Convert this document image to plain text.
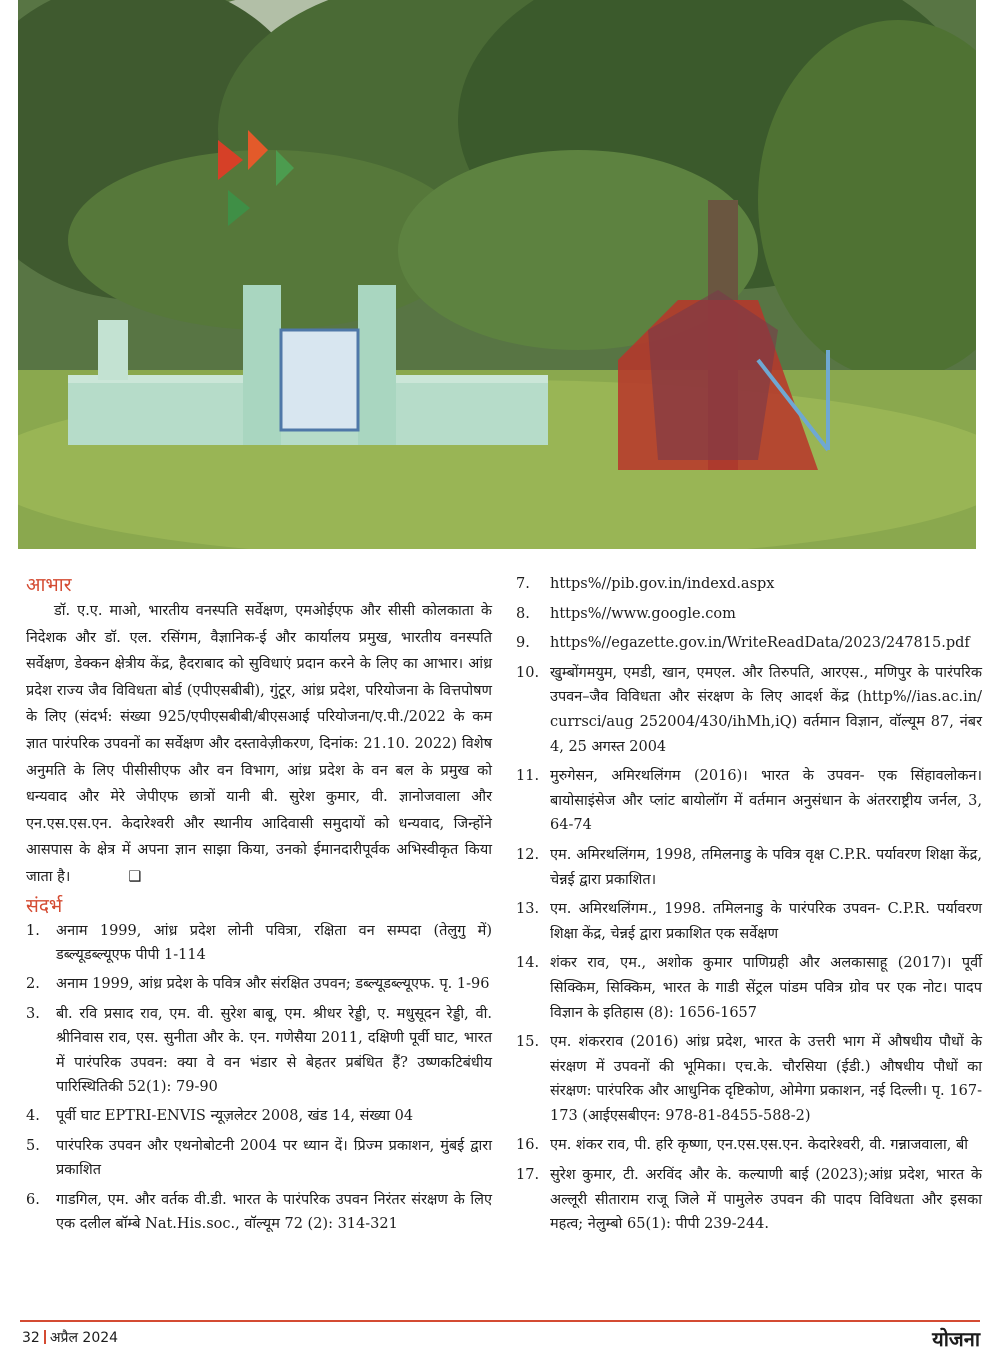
आभार

डॉ. ए.ए. माओ, भारतीय वनस्पति सर्वेक्षण, एमओईएफ और सीसी कोलकाता के निदेशक और डॉ. एल. रसिंगम, वैज्ञानिक-ई और कार्यालय प्रमुख, भारतीय वनस्पति सर्वेक्षण, डेक्कन क्षेत्रीय केंद्र, हैदराबाद को सुविधाएं प्रदान करने के लिए का आभार। आंध्र प्रदेश राज्य जैव विविधता बोर्ड (एपीएसबीबी), गुंटूर, आंध्र प्रदेश, परियोजना के वित्तपोषण के लिए (संदर्भ: संख्या 925/एपीएसबीबी/बीएसआई परियोजना/ए.पी./2022 के कम ज्ञात पारंपरिक उपवनों का सर्वेक्षण और दस्तावेज़ीकरण, दिनांक: 21.10. 2022) विशेष अनुमति के लिए पीसीसीएफ और वन विभाग, आंध्र प्रदेश के वन बल के प्रमुख को धन्यवाद और मेरे जेपीएफ छात्रों यानी बी. सुरेश कुमार, वी. ज्ञानोजवाला और एन.एस.एस.एन. केदारेश्वरी और स्थानीय आदिवासी समुदायों को धन्यवाद, जिन्होंने आसपास के क्षेत्र में अपना ज्ञान साझा किया, उनको ईमानदारीपूर्वक अभिस्वीकृत किया जाता है।	❑

संदर्भ
1. अनाम 1999, आंध्र प्रदेश लोनी पवित्रा, रक्षिता वन सम्पदा (तेलुगु में) डब्ल्यूडब्ल्यूएफ पीपी 1-114
2. अनाम 1999, आंध्र प्रदेश के पवित्र और संरक्षित उपवन; डब्ल्यूडब्ल्यूएफ. पृ. 1-96
3. बी. रवि प्रसाद राव, एम. वी. सुरेश बाबू, एम. श्रीधर रेड्डी, ए. मधुसूदन रेड्डी, वी. श्रीनिवास राव, एस. सुनीता और के. एन. गणेसैया 2011, दक्षिणी पूर्वी घाट, भारत में पारंपरिक उपवन: क्या वे वन भंडार से बेहतर प्रबंधित हैं? उष्णकटिबंधीय पारिस्थितिकी 52(1): 79-90
4. पूर्वी घाट EPTRI-ENVIS न्यूज़लेटर 2008, खंड 14, संख्या 04
5. पारंपरिक उपवन और एथनोबोटनी 2004 पर ध्यान दें। प्रिज्म प्रकाशन, मुंबई द्वारा प्रकाशित
6. गाडगिल, एम. और वर्तक वी.डी. भारत के पारंपरिक उपवन निरंतर संरक्षण के लिए एक दलील बॉम्बे Nat.His.soc., वॉल्यूम 72 (2): 314-321
7. https%//pib.gov.in/indexd.aspx
8. https%//www.google.com
9. https%//egazette.gov.in/WriteReadData/2023/247815.pdf
10. खुम्बोंगमयुम, एमडी, खान, एमएल. और तिरुपति, आरएस., मणिपुर के पारंपरिक उपवन–जैव विविधता और संरक्षण के लिए आदर्श केंद्र (http%//ias.ac.in/ currsci/aug 252004/430/ihMh,iQ) वर्तमान विज्ञान, वॉल्यूम 87, नंबर 4, 25 अगस्त 2004
11. मुरुगेसन, अमिरथलिंगम (2016)। भारत के उपवन- एक सिंहावलोकन। बायोसाइंसेज और प्लांट बायोलॉग में वर्तमान अनुसंधान के अंतरराष्ट्रीय जर्नल, 3, 64-74
12. एम. अमिरथलिंगम, 1998, तमिलनाडु के पवित्र वृक्ष C.P.R. पर्यावरण शिक्षा केंद्र, चेन्नई द्वारा प्रकाशित।
13. एम. अमिरथलिंगम., 1998. तमिलनाडु के पारंपरिक उपवन- C.P.R. पर्यावरण शिक्षा केंद्र, चेन्नई द्वारा प्रकाशित एक सर्वेक्षण
14. शंकर राव, एम., अशोक कुमार पाणिग्रही और अलकासाहू (2017)। पूर्वी सिक्किम, सिक्किम, भारत के गाडी सेंट्रल पांडम पवित्र ग्रोव पर एक नोट। पादप विज्ञान के इतिहास (8): 1656-1657
15. एम. शंकरराव (2016) आंध्र प्रदेश, भारत के उत्तरी भाग में औषधीय पौधों के संरक्षण में उपवनों की भूमिका। एच.के. चौरसिया (ईडी.) औषधीय पौधों का संरक्षण: पारंपरिक और आधुनिक दृष्टिकोण, ओमेगा प्रकाशन, नई दिल्ली। पृ. 167-173 (आईएसबीएन: 978-81-8455-588-2)
16. एम. शंकर राव, पी. हरि कृष्णा, एन.एस.एस.एन. केदारेश्वरी, वी. गन्नाजवाला, बी
17. सुरेश कुमार, टी. अरविंद और के. कल्याणी बाई (2023);आंध्र प्रदेश, भारत के अल्लूरी सीताराम राजू जिले में पामुलेरु उपवन की पादप विविधता और इसका महत्व; नेलुम्बो 65(1): पीपी 239-244.
32 अप्रैल 2024	योजना
